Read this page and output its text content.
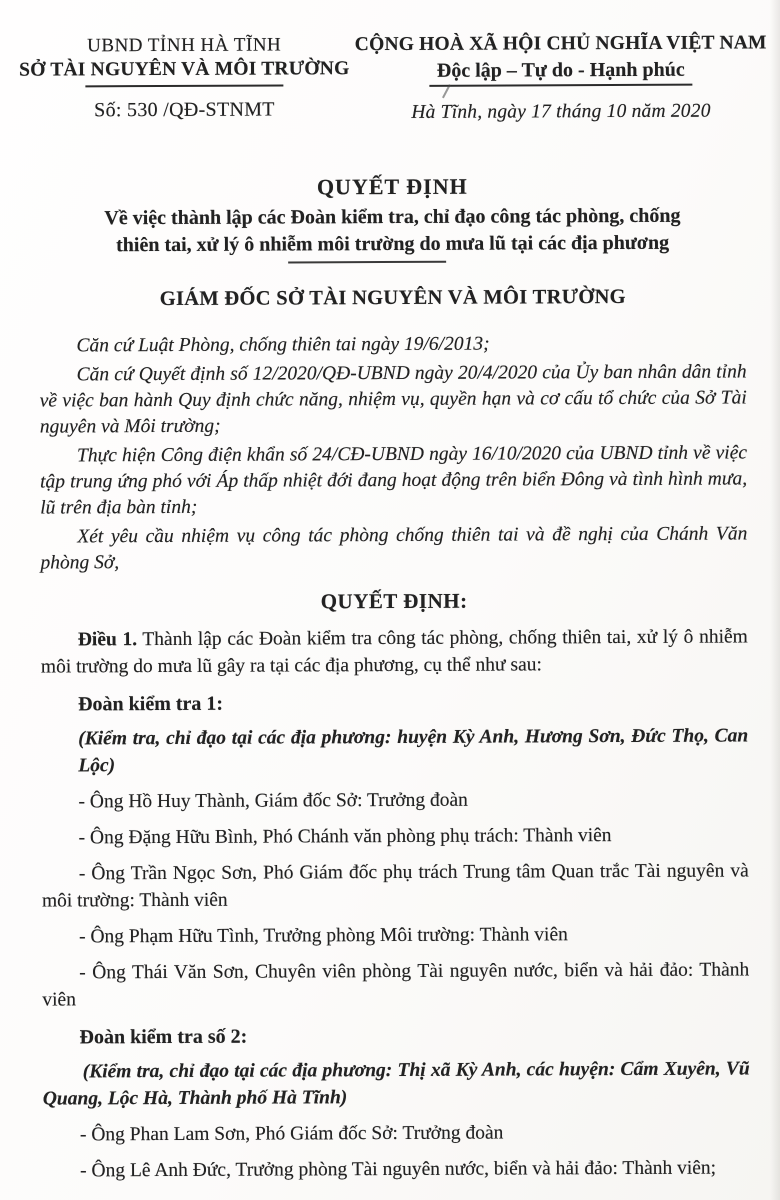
UBND TỈNH HÀ TĨNH
SỞ TÀI NGUYÊN VÀ MÔI TRƯỜNG
Số: 530 /QĐ-STNMT
CỘNG HOÀ XÃ HỘI CHỦ NGHĨA VIỆT NAM
Độc lập – Tự do - Hạnh phúc
Hà Tĩnh, ngày 17 tháng 10 năm 2020
QUYẾT ĐỊNH
Về việc thành lập các Đoàn kiểm tra, chỉ đạo công tác phòng, chống thiên tai, xử lý ô nhiễm môi trường do mưa lũ tại các địa phương
GIÁM ĐỐC SỞ TÀI NGUYÊN VÀ MÔI TRƯỜNG

Căn cứ Luật Phòng, chống thiên tai ngày 19/6/2013;

Căn cứ Quyết định số 12/2020/QĐ-UBND ngày 20/4/2020 của Ủy ban nhân dân tỉnh về việc ban hành Quy định chức năng, nhiệm vụ, quyền hạn và cơ cấu tổ chức của Sở Tài nguyên và Môi trường;

Thực hiện Công điện khẩn số 24/CĐ-UBND ngày 16/10/2020 của UBND tỉnh về việc tập trung ứng phó với Áp thấp nhiệt đới đang hoạt động trên biển Đông và tình hình mưa, lũ trên địa bàn tỉnh;

Xét yêu cầu nhiệm vụ công tác phòng chống thiên tai và đề nghị của Chánh Văn phòng Sở,

QUYẾT ĐỊNH:

Điều 1. Thành lập các Đoàn kiểm tra công tác phòng, chống thiên tai, xử lý ô nhiễm môi trường do mưa lũ gây ra tại các địa phương, cụ thể như sau:

Đoàn kiểm tra 1:

(Kiểm tra, chỉ đạo tại các địa phương: huyện Kỳ Anh, Hương Sơn, Đức Thọ, Can Lộc)

- Ông Hồ Huy Thành, Giám đốc Sở: Trưởng đoàn

- Ông Đặng Hữu Bình, Phó Chánh văn phòng phụ trách: Thành viên

- Ông Trần Ngọc Sơn, Phó Giám đốc phụ trách Trung tâm Quan trắc Tài nguyên và môi trường: Thành viên

- Ông Phạm Hữu Tình, Trưởng phòng Môi trường: Thành viên

- Ông Thái Văn Sơn, Chuyên viên phòng Tài nguyên nước, biển và hải đảo: Thành viên

Đoàn kiểm tra số 2:

(Kiểm tra, chỉ đạo tại các địa phương: Thị xã Kỳ Anh, các huyện: Cẩm Xuyên, Vũ Quang, Lộc Hà, Thành phố Hà Tĩnh)

- Ông Phan Lam Sơn, Phó Giám đốc Sở: Trưởng đoàn

- Ông Lê Anh Đức, Trưởng phòng Tài nguyên nước, biển và hải đảo: Thành viên;
